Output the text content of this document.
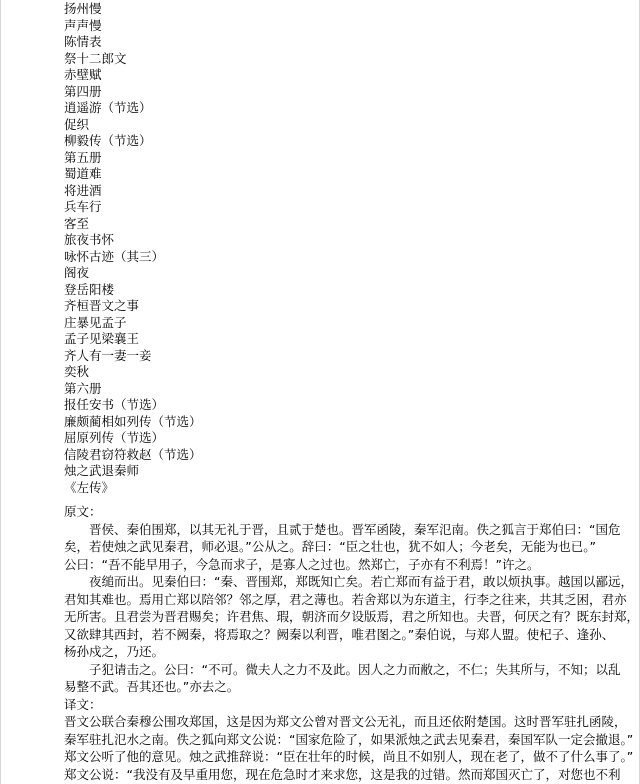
扬州慢
声声慢
陈情表
祭十二郎文
赤壁赋
第四册
逍遥游（节选）
促织
柳毅传（节选）
第五册
蜀道难
将进酒
兵车行
客至
旅夜书怀
咏怀古迹（其三）
阁夜
登岳阳楼
齐桓晋文之事
庄暴见孟子
孟子见梁襄王
齐人有一妻一妾
奕秋
第六册
报任安书（节选）
廉颇蔺相如列传（节选）
屈原列传（节选）
信陵君窃符救赵（节选）
烛之武退秦师
《左传》
原文：
晋侯、秦伯围郑，以其无礼于晋，且贰于楚也。晋军函陵，秦军氾南。佚之狐言于郑伯曰：“国危
矣，若使烛之武见秦君，师必退。”公从之。辞曰：“臣之壮也，犹不如人；今老矣，无能为也已。”
公曰：“吾不能早用子，今急而求子，是寡人之过也。然郑亡，子亦有不利焉！”许之。
夜缒而出。见秦伯曰：“秦、晋围郑，郑既知亡矣。若亡郑而有益于君，敢以烦执事。越国以鄙远，
君知其难也。焉用亡郑以陪邻？邻之厚，君之薄也。若舍郑以为东道主，行李之往来，共其乏困，君亦
无所害。且君尝为晋君赐矣；许君焦、瑕，朝济而夕设版焉，君之所知也。夫晋，何厌之有？既东封郑，
又欲肆其西封，若不阙秦，将焉取之？阙秦以利晋，唯君图之。”秦伯说，与郑人盟。使杞子、逢孙、
杨孙戍之，乃还。
子犯请击之。公曰：“不可。微夫人之力不及此。因人之力而敝之，不仁；失其所与，不知；以乱
易整不武。吾其还也。”亦去之。
译文：
晋文公联合秦穆公围攻郑国，这是因为郑文公曾对晋文公无礼，而且还依附楚国。这时晋军驻扎函陵，
秦军驻扎氾水之南。佚之狐向郑文公说：“国家危险了，如果派烛之武去见秦君，秦国军队一定会撤退。”
郑文公听了他的意见。烛之武推辞说：“臣在壮年的时候，尚且不如别人，现在老了，做不了什么事了。”
郑文公说：“我没有及早重用您，现在危急时才来求您，这是我的过错。然而郑国灭亡了，对您也不利
